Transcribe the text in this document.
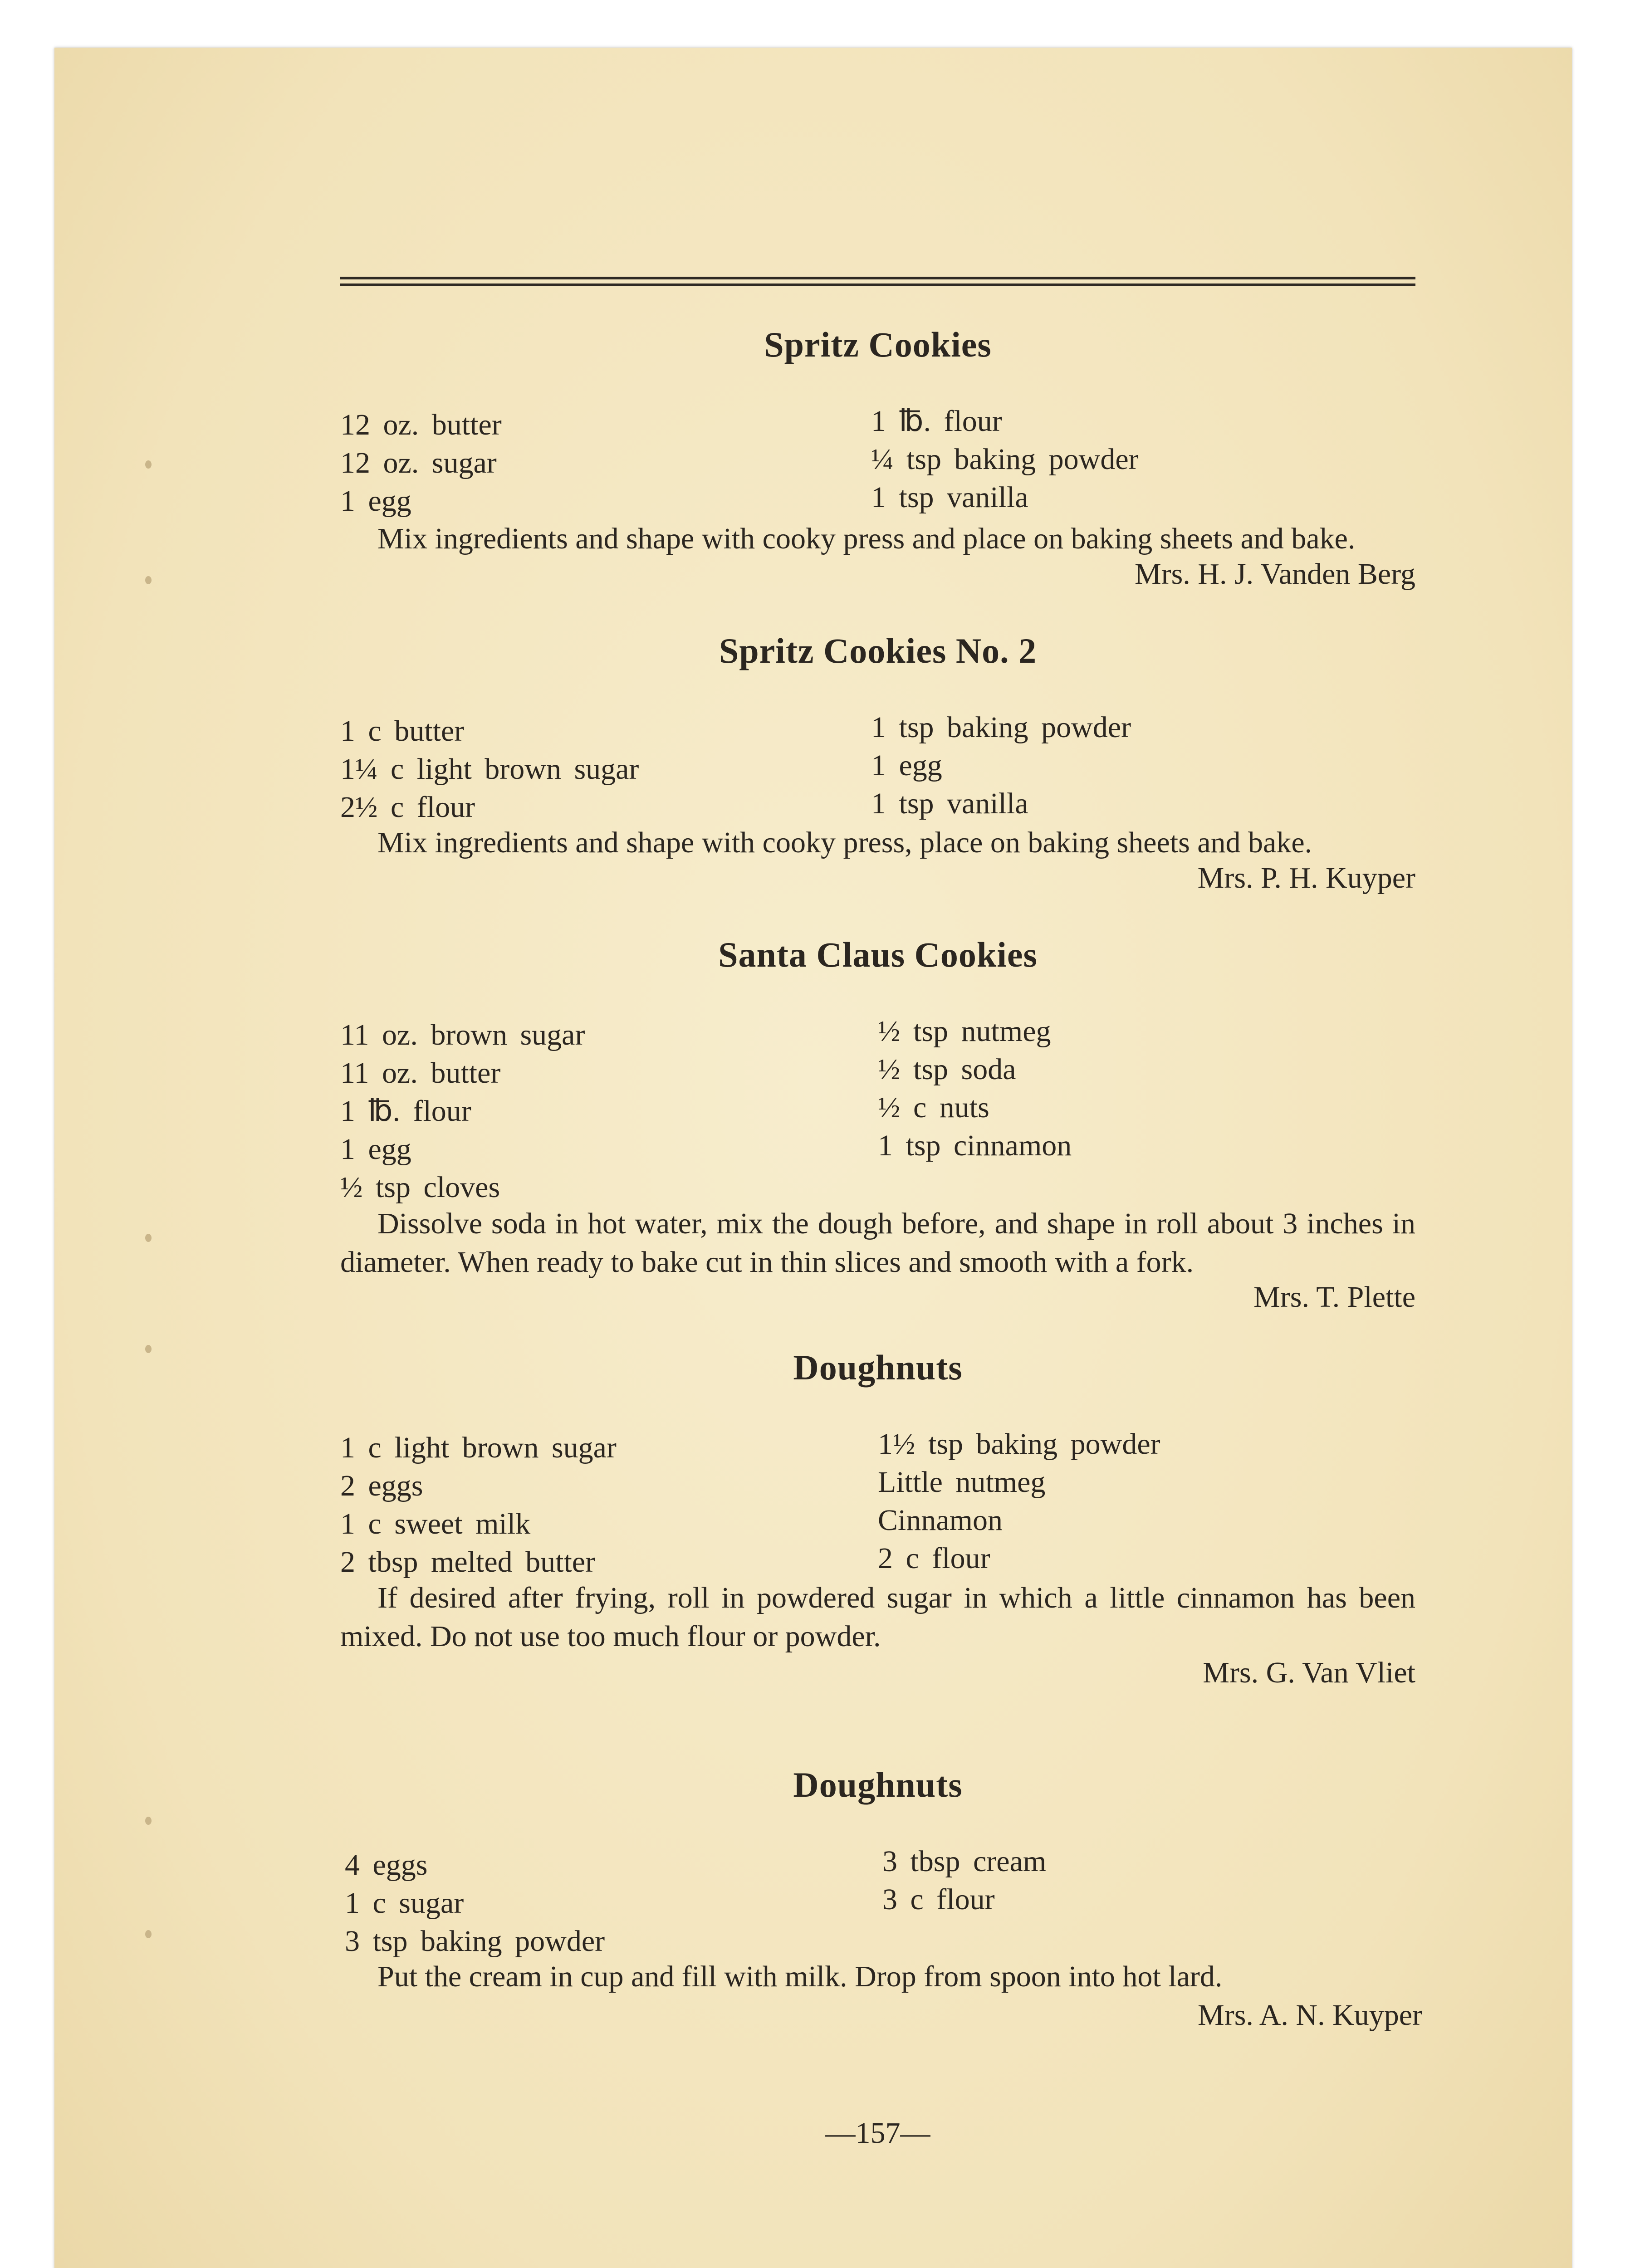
Spritz Cookies
12 oz. butter
12 oz. sugar
1 egg
1 ℔. flour
¼ tsp baking powder
1 tsp vanilla

Mix ingredients and shape with cooky press and place on baking sheets and bake.

Mrs. H. J. Vanden Berg
Spritz Cookies No. 2
1 c butter
1¼ c light brown sugar
2½ c flour
1 tsp baking powder
1 egg
1 tsp vanilla

Mix ingredients and shape with cooky press, place on baking sheets and bake.

Mrs. P. H. Kuyper
Santa Claus Cookies
11 oz. brown sugar
11 oz. butter
1 ℔. flour
1 egg
½ tsp cloves
½ tsp nutmeg
½ tsp soda
½ c nuts
1 tsp cinnamon

Dissolve soda in hot water, mix the dough before, and shape in roll about 3 inches in diameter. When ready to bake cut in thin slices and smooth with a fork.

Mrs. T. Plette
Doughnuts
1 c light brown sugar
2 eggs
1 c sweet milk
2 tbsp melted butter
1½ tsp baking powder
Little nutmeg
Cinnamon
2 c flour

If desired after frying, roll in powdered sugar in which a little cinnamon has been mixed. Do not use too much flour or powder.

Mrs. G. Van Vliet
Doughnuts
4 eggs
1 c sugar
3 tsp baking powder
3 tbsp cream
3 c flour

Put the cream in cup and fill with milk. Drop from spoon into hot lard.

Mrs. A. N. Kuyper
—157—
